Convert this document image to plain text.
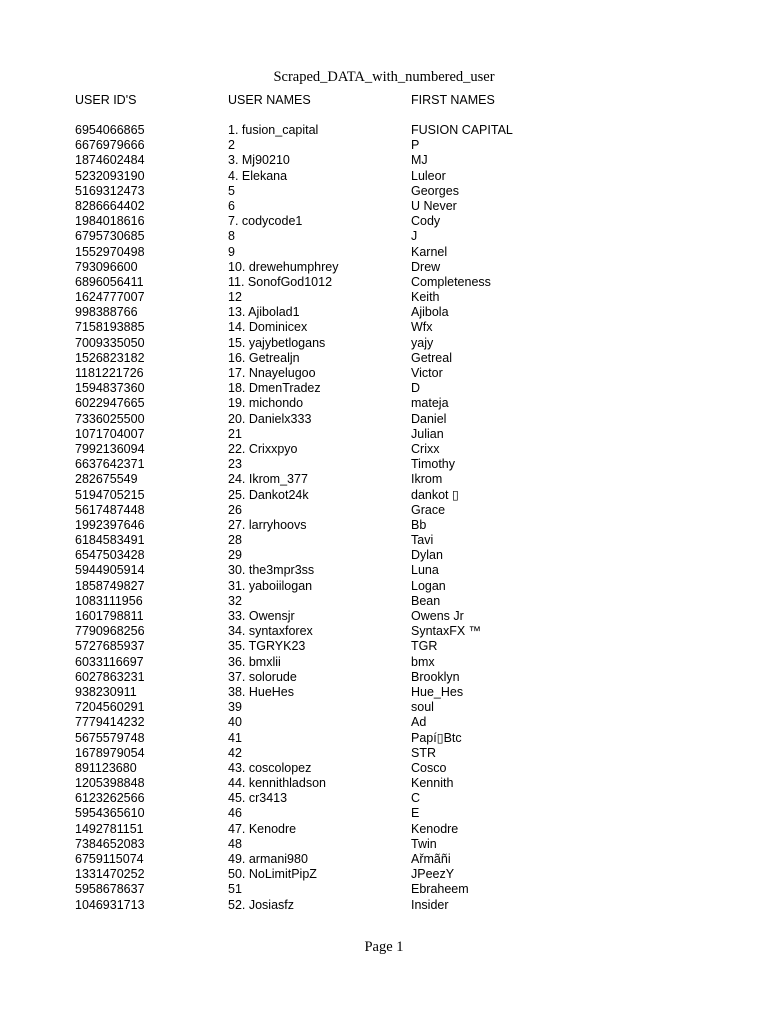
Scraped_DATA_with_numbered_user
USER ID'S	USER NAMES	FIRST NAMES
6954066865	1. fusion_capital	FUSION CAPITAL
6676979666	2	P
1874602484	3. Mj90210	MJ
5232093190	4. Elekana	Luleor
5169312473	5	Georges
8286664402	6	U Never
1984018616	7. codycode1	Cody
6795730685	8	J
1552970498	9	Karnel
793096600	10. drewehumphrey	Drew
6896056411	11. SonofGod1012	Completeness
1624777007	12	Keith
998388766	13. Ajibolad1	Ajibola
7158193885	14. Dominicex	Wfx
7009335050	15. yajybetlogans	yajy
1526823182	16. Getrealjn	Getreal
1181221726	17. Nnayelugoo	Victor
1594837360	18. DmenTradez	D
6022947665	19. michondo	mateja
7336025500	20. Danielx333	Daniel
1071704007	21	Julian
7992136094	22. Crixxpyo	Crixx
6637642371	23	Timothy
282675549	24. Ikrom_377	Ikrom
5194705215	25. Dankot24k	dankot ▯
5617487448	26	Grace
1992397646	27. larryhoovs	Bb
6184583491	28	Tavi
6547503428	29	Dylan
5944905914	30. the3mpr3ss	Luna
1858749827	31. yaboiilogan	Logan
1083111956	32	Bean
1601798811	33. Owensjr	Owens Jr
7790968256	34. syntaxforex	SyntaxFX ™
5727685937	35. TGRYK23	TGR
6033116697	36. bmxlii	bmx
6027863231	37. solorude	Brooklyn
938230911	38. HueHes	Hue_Hes
7204560291	39	soul
7779414232	40	Ad
5675579748	41	Papí▯Btc
1678979054	42	STR
891123680	43. coscolopez	Cosco
1205398848	44. kennithladson	Kennith
6123262566	45. cr3413	C
5954365610	46	E
1492781151	47. Kenodre	Kenodre
7384652083	48	Twin
6759115074	49. armani980	Ařmãñi
1331470252	50. NoLimitPipZ	JPeezY
5958678637	51	Ebraheem
1046931713	52. Josiasfz	Insider
Page 1
